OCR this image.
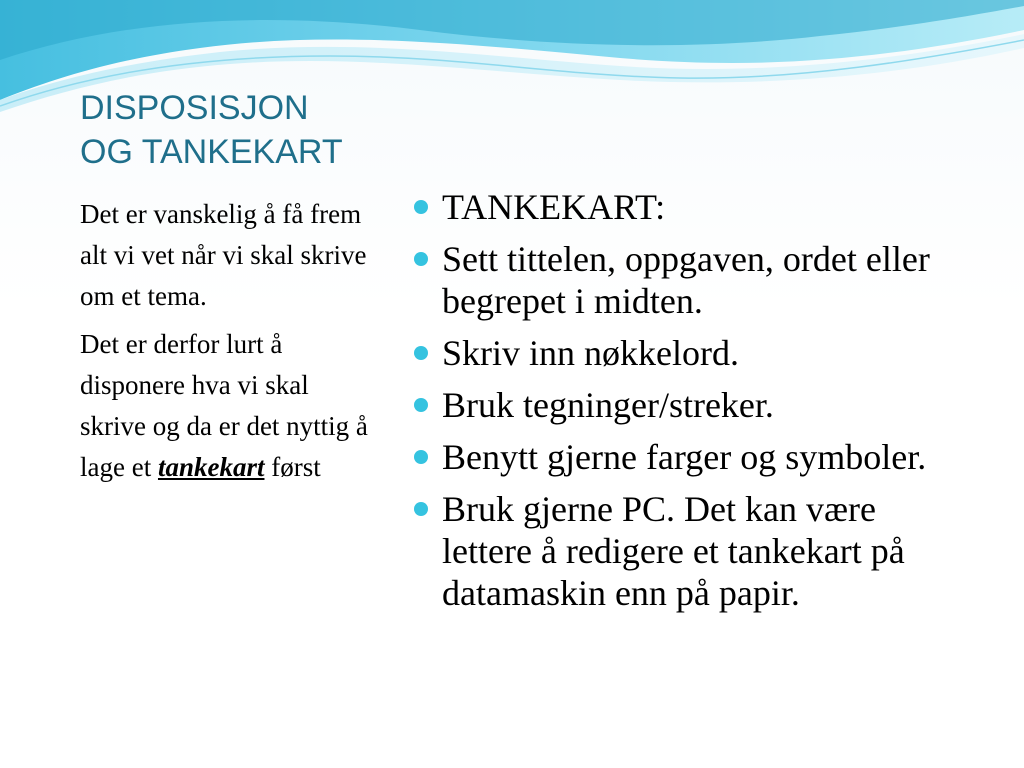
DISPOSISJON
OG TANKEKART

Det er vanskelig å få frem alt vi vet når vi skal skrive om et tema.

Det er derfor lurt å disponere hva vi skal skrive og da er det nyttig å lage et tankekart først

TANKEKART:
Sett tittelen, oppgaven, ordet eller begrepet i midten.
Skriv inn nøkkelord.
Bruk tegninger/streker.
Benytt gjerne farger og symboler.
Bruk gjerne PC. Det kan være lettere å redigere et tankekart på datamaskin enn på papir.
